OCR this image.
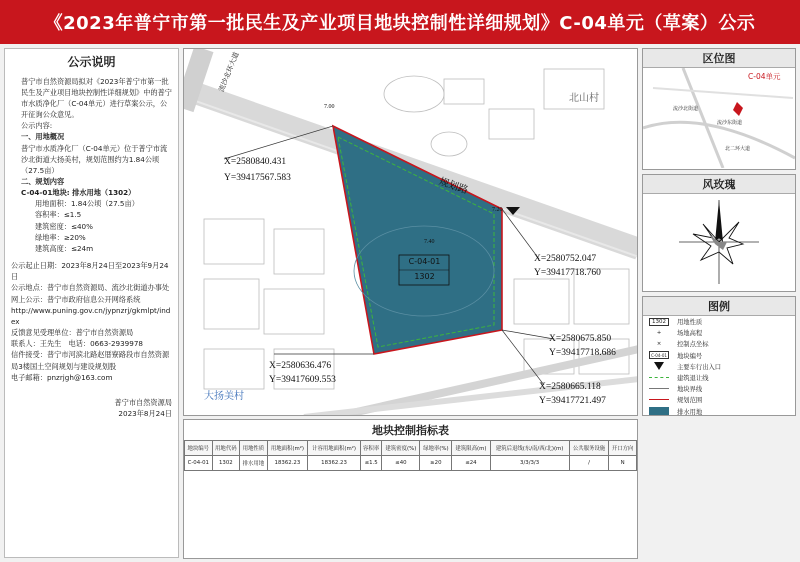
《2023年普宁市第一批民生及产业项目地块控制性详细规划》C-04单元（草案）公示
公示说明

普宁市自然资源局拟对《2023年普宁市第一批民生及产业项目地块控制性详细规划》中的普宁市水质净化厂（C-04单元）进行草案公示，公开征询公众意见。

公示内容:

一、用地概况

普宁市水质净化厂（C-04单元）位于普宁市流沙北街道大扬美村，规划范围约为1.84公顷（27.5亩）

二、规划内容

C-04-01地块: 排水用地（1302）

用地面积：1.84公顷（27.5亩）

容积率：≤1.5

建筑密度：≤40%

绿地率：≥20%

建筑高度：≤24m

公示起止日期：2023年8月24日至2023年9月24日

公示地点：普宁市自然资源局、流沙北街道办事处

网上公示：普宁市政府信息公开网络系统

http://www.puning.gov.cn/jypnzrj/gkmlpt/index

反馈意见受理单位：普宁市自然资源局

联系人：王先生　电话：0663-2939978

信件接受：普宁市河滨北路赵厝寮路段市自然资源局3楼国土空间规划与建设规划股

电子邮箱：pnzrjgh@163.com

普宁市自然资源局

2023年8月24日

流沙北环大道
规划路
北山村
大扬美村
7.00
7.20
7.40
C-04-01
1302
X=2580840.431
Y=39417567.583
X=2580752.047
Y=39417718.760
X=2580675.850
Y=39417718.686
X=2580665.118
Y=39417721.497
X=2580636.476
Y=39417609.553
区位图
C-04单元
流沙北街道
流沙东街道
北二环大道
风玫瑰
图例
1302	用地性质
+	场地高程
×	控制点坐标
C-04-01	地块编号
主要车行出入口
建筑退让线
地块界线
规划范围
排水用地
地块控制指标表
地块编号	用地代码	用地性质	用地面积(m²)	计容用地面积(m²)	容积率	建筑密度(%)	绿地率(%)	建筑限高(m)	建筑后退线(东/南/西/北)(m)	公共服务设施	开口方向
C-04-01	1302	排水用地	18362.23	18362.23	≤1.5	≤40	≥20	≤24	3/3/3/3	/	N
